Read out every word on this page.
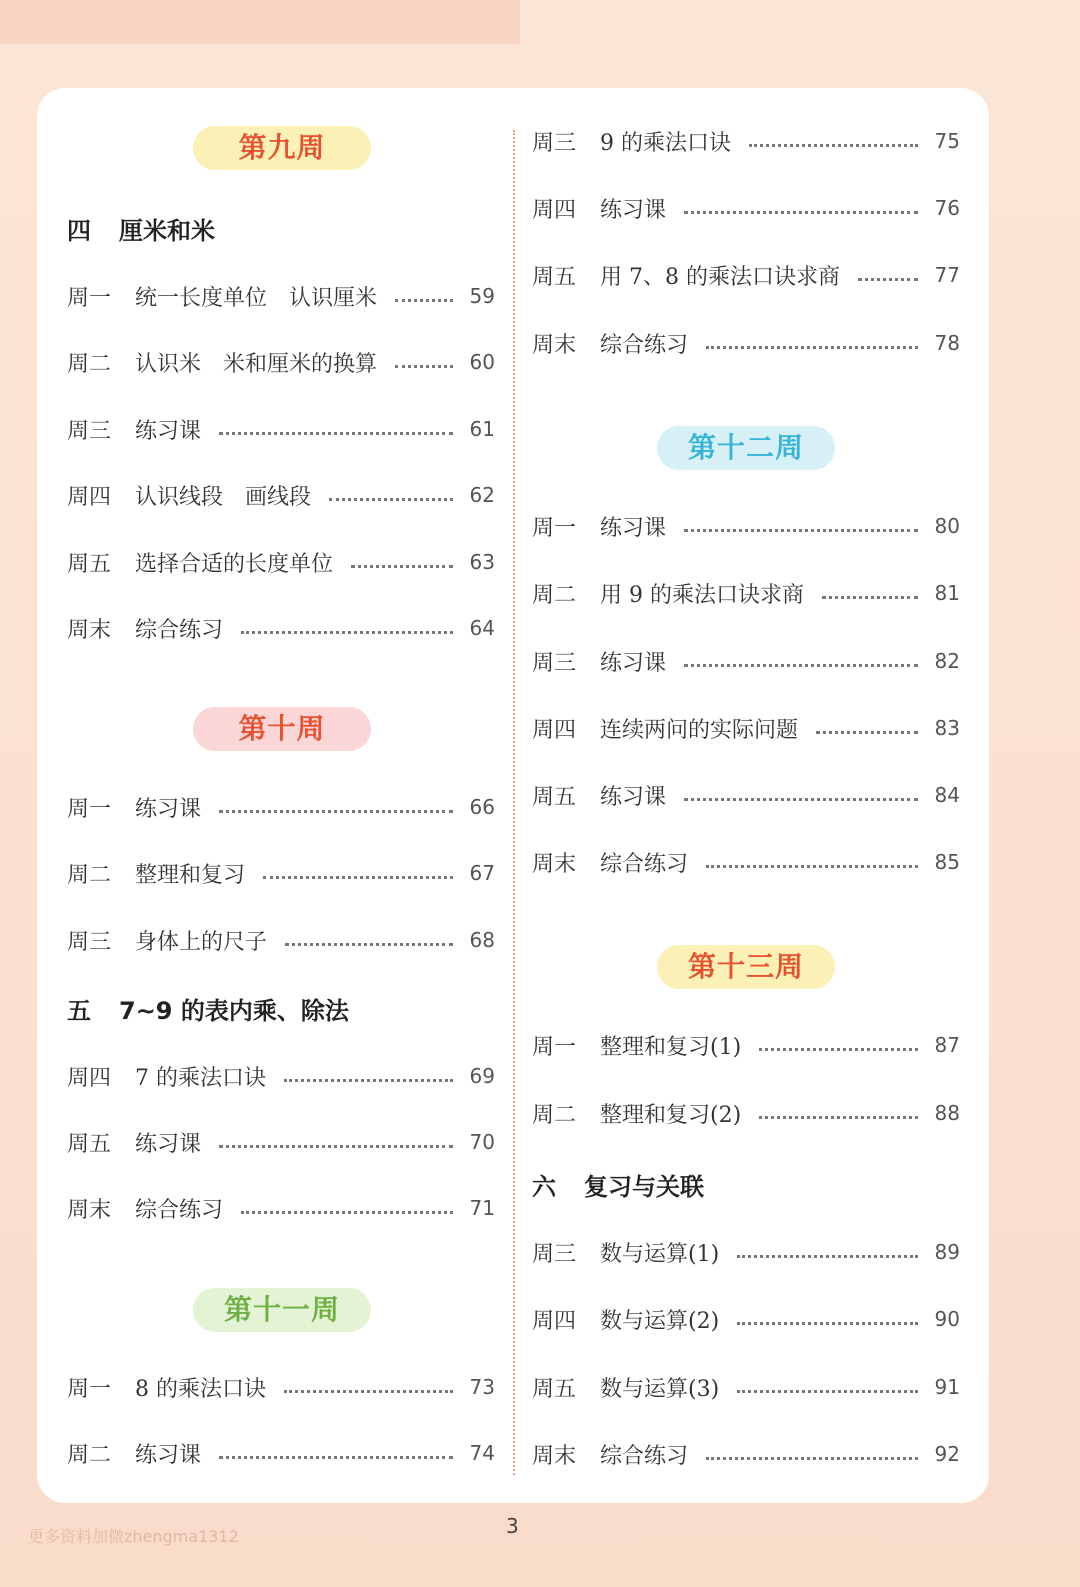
第九周
四 厘米和米
周一	统一长度单位　认识厘米	59
周二	认识米　米和厘米的换算	60
周三	练习课	61
周四	认识线段　画线段	62
周五	选择合适的长度单位	63
周末	综合练习	64
第十周
周一	练习课	66
周二	整理和复习	67
周三	身体上的尺子	68
五 7~9 的表内乘、除法
周四	7 的乘法口诀	69
周五	练习课	70
周末	综合练习	71
第十一周
周一	8 的乘法口诀	73
周二	练习课	74
周三	9 的乘法口诀	75
周四	练习课	76
周五	用 7、8 的乘法口诀求商	77
周末	综合练习	78
第十二周
周一	练习课	80
周二	用 9 的乘法口诀求商	81
周三	练习课	82
周四	连续两问的实际问题	83
周五	练习课	84
周末	综合练习	85
第十三周
周一	整理和复习(1)	87
周二	整理和复习(2)	88
六 复习与关联
周三	数与运算(1)	89
周四	数与运算(2)	90
周五	数与运算(3)	91
周末	综合练习	92
3
更多资料加微zhengma1312
